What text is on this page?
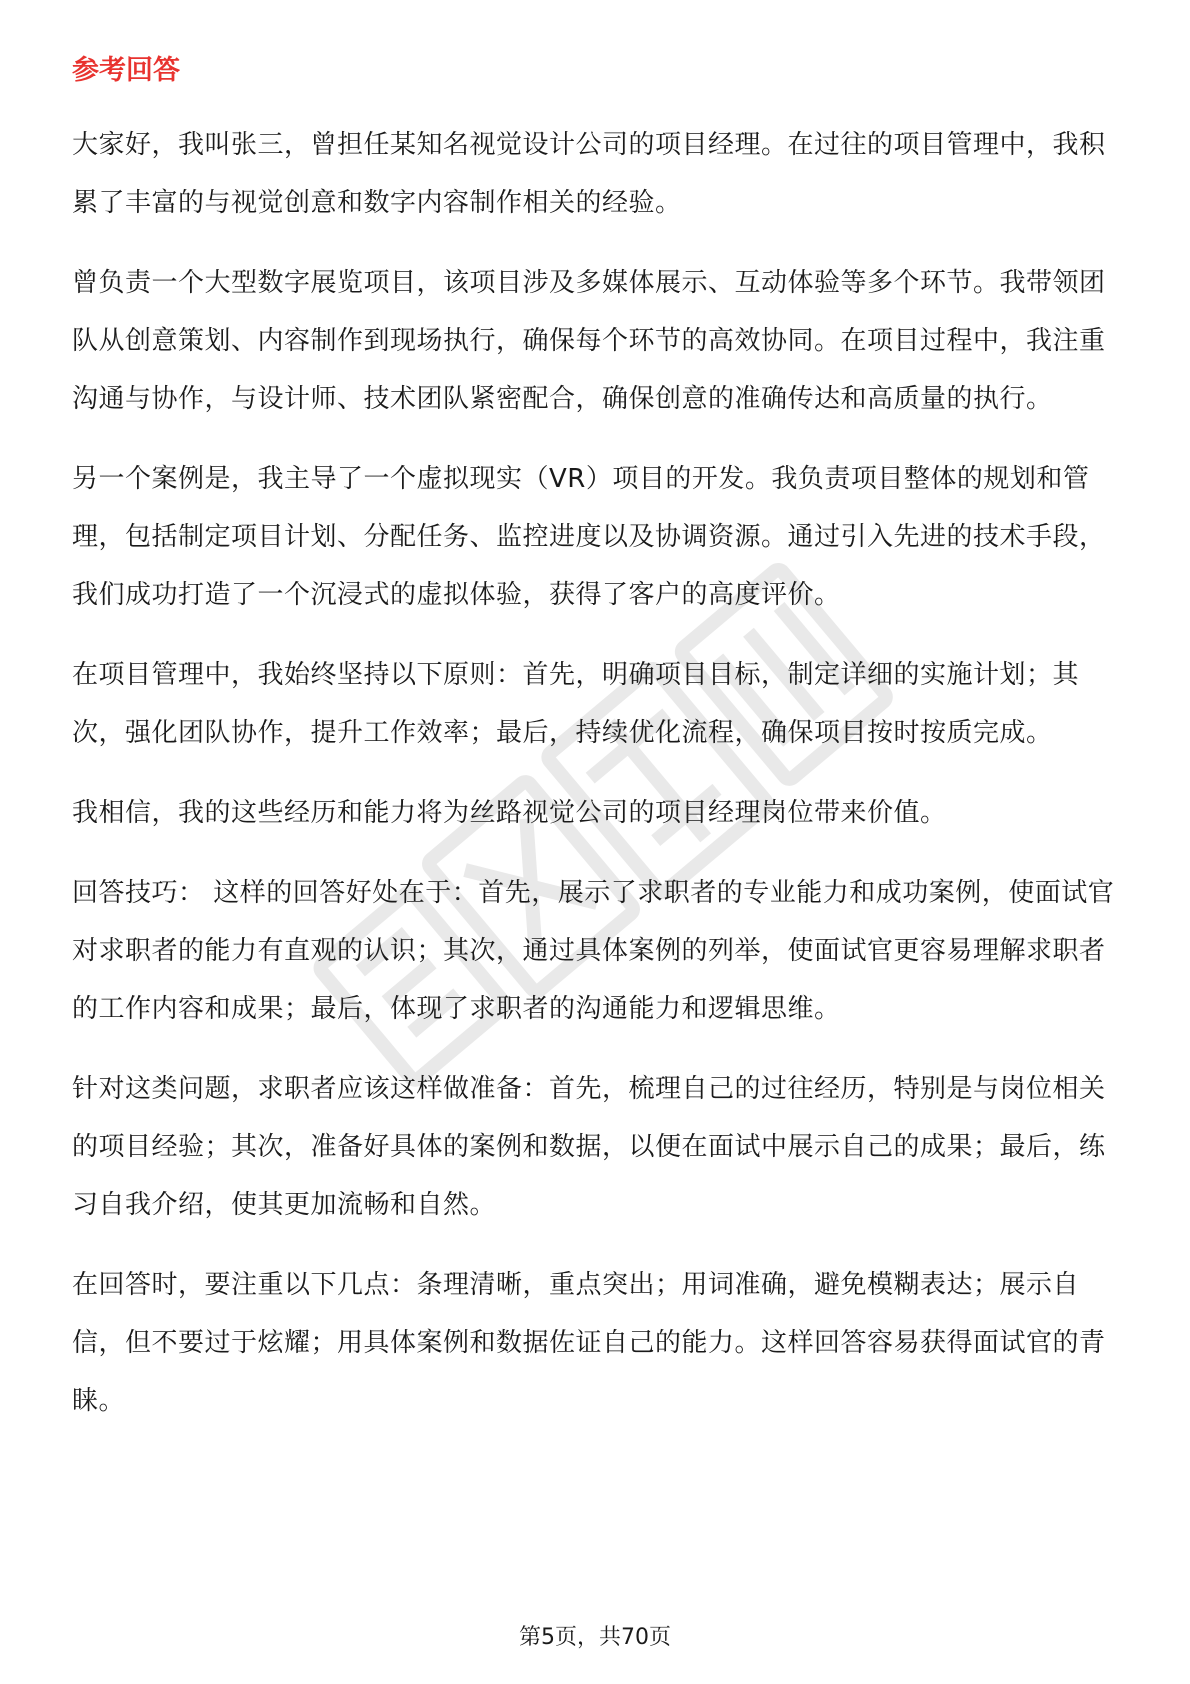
参考回答

大家好，我叫张三，曾担任某知名视觉设计公司的项目经理。在过往的项目管理中，我积累了丰富的与视觉创意和数字内容制作相关的经验。

曾负责一个大型数字展览项目，该项目涉及多媒体展示、互动体验等多个环节。我带领团队从创意策划、内容制作到现场执行，确保每个环节的高效协同。在项目过程中，我注重沟通与协作，与设计师、技术团队紧密配合，确保创意的准确传达和高质量的执行。

另一个案例是，我主导了一个虚拟现实（VR）项目的开发。我负责项目整体的规划和管理，包括制定项目计划、分配任务、监控进度以及协调资源。通过引入先进的技术手段，我们成功打造了一个沉浸式的虚拟体验，获得了客户的高度评价。

在项目管理中，我始终坚持以下原则：首先，明确项目目标，制定详细的实施计划；其次，强化团队协作，提升工作效率；最后，持续优化流程，确保项目按时按质完成。

我相信，我的这些经历和能力将为丝路视觉公司的项目经理岗位带来价值。

回答技巧： 这样的回答好处在于：首先，展示了求职者的专业能力和成功案例，使面试官对求职者的能力有直观的认识；其次，通过具体案例的列举，使面试官更容易理解求职者的工作内容和成果；最后，体现了求职者的沟通能力和逻辑思维。

针对这类问题，求职者应该这样做准备：首先，梳理自己的过往经历，特别是与岗位相关的项目经验；其次，准备好具体的案例和数据，以便在面试中展示自己的成果；最后，练习自我介绍，使其更加流畅和自然。

在回答时，要注重以下几点：条理清晰，重点突出；用词准确，避免模糊表达；展示自信，但不要过于炫耀；用具体案例和数据佐证自己的能力。这样回答容易获得面试官的青睐。

第5页，共70页
